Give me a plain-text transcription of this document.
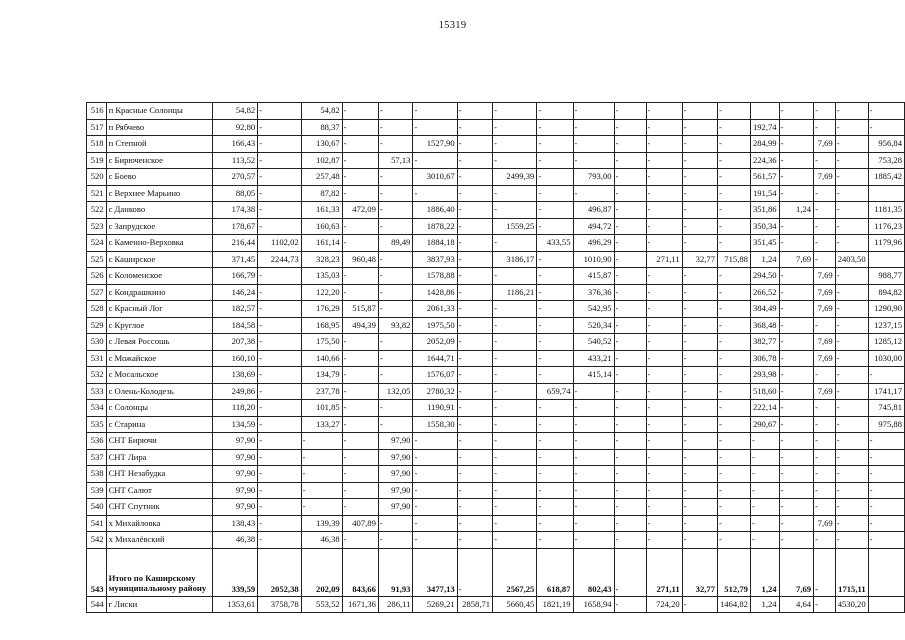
15319
516	п Красные Солонцы	54,82	-	54,82	-	-	-	-	-	-	-	-	-	-	-		-	-	-	-
517	п Рябчево	92,80	-	88,37	-	-	-	-	-	-	-	-	-	-	-	192,74	-	-	-	-
518	п Степной	166,43	-	130,67	-	-	1527,90	-	-	-	-	-	-	-	-	284,99	-	7,69	-	956,84
519	с Бирюченское	113,52	-	102,87	-	57,13	-	-	-	-	-	-	-	-	-	224,36	-	-	-	753,28
520	с Боево	270,57	-	257,48	-	-	3010,67	-	2499,39	-	793,00	-	-	-	-	561,57	-	7,69	-	1885,42
521	с Верхнее Марьино	88,05	-	87,82	-	-	-	-	-	-	-	-	-	-	-	191,54	-	-	-	
522	с Данково	174,38	-	161,33	472,09	-	1886,40	-	-	-	496,87	-	-	-	-	351,86	1,24	-	-	1181,35
523	с Запрудское	178,67	-	160,63	-	-	1878,22	-	1559,25	-	494,72	-	-	-	-	350,34	-	-	-	1176,23
524	с Каменно-Верховка	216,44	1102,02	161,14	-	89,49	1884,18	-	-	433,55	496,29	-	-	-	-	351,45	-	-	-	1179,96
525	с Каширское	371,45	2244,73	328,23	960,48	-	3837,93	-	3186,17	-	1010,90	-	271,11	32,77	715,88	1,24	7,69	-	2403,50	
526	с Коломенское	166,79	-	135,03	-	-	1578,88	-	-	-	415,87	-	-	-	-	294,50	-	7,69	-	988,77
527	с Кондрашкино	146,24	-	122,20	-	-	1428,86	-	1186,21	-	376,36	-	-	-	-	266,52	-	7,69	-	894,82
528	с Красный Лог	182,57	-	176,29	515,87	-	2061,33	-	-	-	542,95	-	-	-	-	384,49	-	7,69	-	1290,90
529	с Круглое	184,58	-	168,95	494,39	93,82	1975,50	-	-	-	520,34	-	-	-	-	368,48	-	-	-	1237,15
530	с Левая Россошь	207,38	-	175,50	-	-	2052,09	-	-	-	540,52	-	-	-	-	382,77	-	7,69	-	1285,12
531	с Можайское	160,10	-	140,66	-	-	1644,71	-	-	-	433,21	-	-	-	-	306,78	-	7,69	-	1030,00
532	с Мосальское	138,69	-	134,79	-	-	1576,07	-	-	-	415,14	-	-	-	-	293,98	-	-	-	-
533	с Олень-Колодезь	249,86	-	237,78	-	132,05	2780,32	-	-	659,74	-	-	-	-	-	518,60	-	7,69	-	1741,17
534	с Солонцы	118,20	-	101,85	-	-	1190,91	-	-	-	-	-	-	-	-	222,14	-	-	-	745,81
535	с Старина	134,59	-	133,27	-	-	1558,30	-	-	-	-	-	-	-	-	290,67	-	-	-	975,88
536	СНТ Бирючи	97,90	-	-	-	97,90	-	-	-	-	-	-	-	-	-	-	-	-	-	-
537	СНТ Лира	97,90	-	-	-	97,90	-	-	-	-	-	-	-	-	-	-	-	-	-	-
538	СНТ Незабудка	97,90	-	-	-	97,90	-	-	-	-	-	-	-	-	-	-	-	-	-	-
539	СНТ Салют	97,90	-	-	-	97,90	-	-	-	-	-	-	-	-	-	-	-	-	-	-
540	СНТ Спутник	97,90	-	-	-	97,90	-	-	-	-	-	-	-	-	-	-	-	-	-	-
541	х Михайловка	138,43	-	139,39	407,89	-	-	-	-	-	-	-	-	-	-	-	-	7,69	-	-
542	х Михалёвский	46,38	-	46,38	-	-	-	-	-	-	-	-	-	-	-	-	-	-	-	-
543	Итого по Каширскому муниципальному району	339,59	2052,38	202,09	843,66	91,93	3477,13	-	2567,25	618,87	802,43	-	271,11	32,77	512,79	1,24	7,69	-	1715,11	
544	г Лиски	1353,61	3758,78	553,52	1671,36	286,11	5269,21	2858,71	5660,45	1821,19	1658,94	-	724,20	-	1464,82	1,24	4,64	-	4530,20	
